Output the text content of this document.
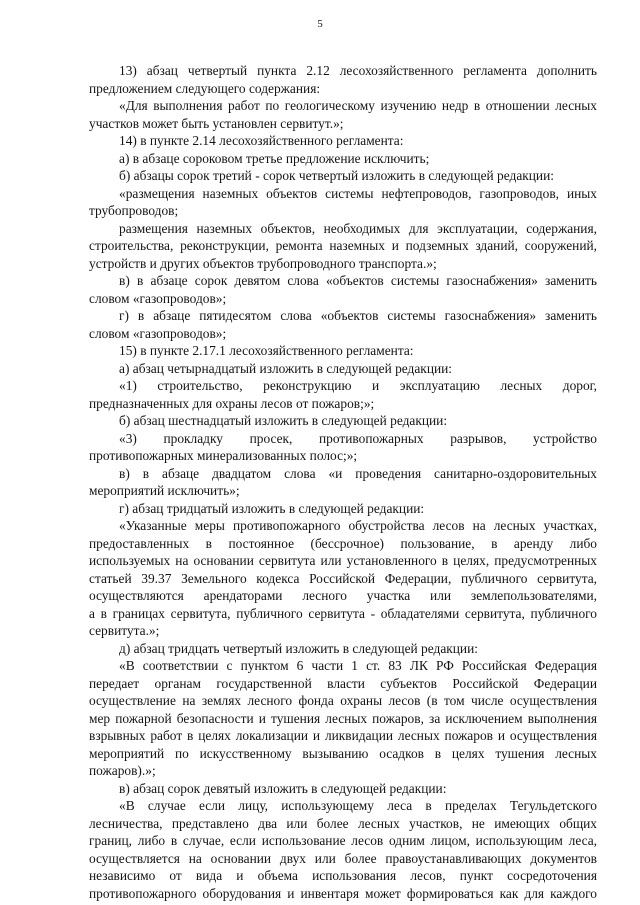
5
13) абзац четвертый пункта 2.12 лесохозяйственного регламента дополнить
предложением следующего содержания:
«Для выполнения работ по геологическому изучению недр в отношении лесных
участков может быть установлен сервитут.»;
14) в пункте 2.14 лесохозяйственного регламента:
а) в абзаце сороковом третье предложение исключить;
б) абзацы сорок третий - сорок четвертый изложить в следующей редакции:
«размещения наземных объектов системы нефтепроводов, газопроводов, иных
трубопроводов;
размещения наземных объектов, необходимых для эксплуатации, содержания,
строительства, реконструкции, ремонта наземных и подземных зданий, сооружений,
устройств и других объектов трубопроводного транспорта.»;
в) в абзаце сорок девятом слова «объектов системы газоснабжения» заменить
словом «газопроводов»;
г) в абзаце пятидесятом слова «объектов системы газоснабжения» заменить
словом «газопроводов»;
15) в пункте 2.17.1 лесохозяйственного регламента:
а) абзац четырнадцатый изложить в следующей редакции:
«1) строительство, реконструкцию и эксплуатацию лесных дорог,
предназначенных для охраны лесов от пожаров;»;
б) абзац шестнадцатый изложить в следующей редакции:
«3) прокладку просек, противопожарных разрывов, устройство
противопожарных минерализованных полос;»;
в) в абзаце двадцатом слова «и проведения санитарно-оздоровительных
мероприятий исключить»;
г) абзац тридцатый изложить в следующей редакции:
«Указанные меры противопожарного обустройства лесов на лесных участках,
предоставленных в постоянное (бессрочное) пользование, в аренду либо
используемых на основании сервитута или установленного в целях, предусмотренных
статьей 39.37 Земельного кодекса Российской Федерации, публичного сервитута,
осуществляются арендаторами лесного участка или землепользователями,
а в границах сервитута, публичного сервитута - обладателями сервитута, публичного
сервитута.»;
д) абзац тридцать четвертый изложить в следующей редакции:
«В соответствии с пунктом 6 части 1 ст. 83 ЛК РФ Российская Федерация
передает органам государственной власти субъектов Российской Федерации
осуществление на землях лесного фонда охраны лесов (в том числе осуществления
мер пожарной безопасности и тушения лесных пожаров, за исключением выполнения
взрывных работ в целях локализации и ликвидации лесных пожаров и осуществления
мероприятий по искусственному вызыванию осадков в целях тушения лесных
пожаров).»;
в) абзац сорок девятый изложить в следующей редакции:
«В случае если лицу, использующему леса в пределах Тегульдетского
лесничества, представлено два или более лесных участков, не имеющих общих
границ, либо в случае, если использование лесов одним лицом, использующим леса,
осуществляется на основании двух или более правоустанавливающих документов
независимо от вида и объема использования лесов, пункт сосредоточения
противопожарного оборудования и инвентаря может формироваться как для каждого
